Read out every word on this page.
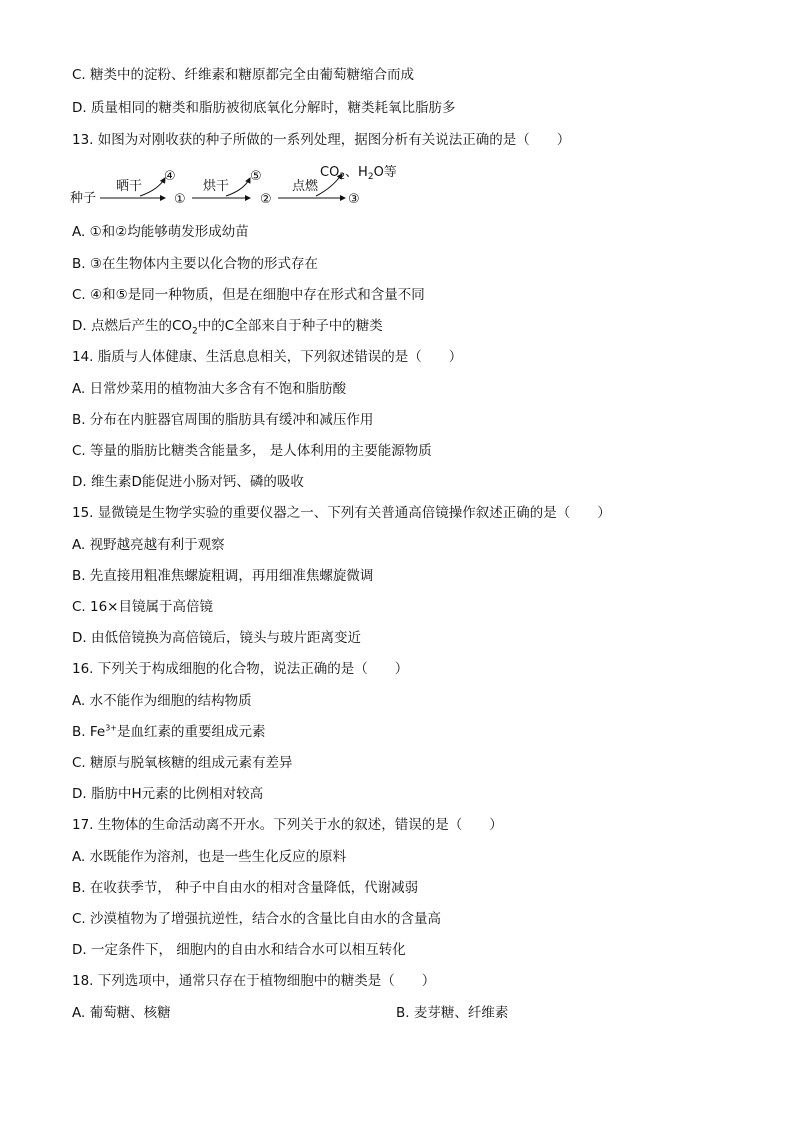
C. 糖类中的淀粉、纤维素和糖原都完全由葡萄糖缩合而成
D. 质量相同的糖类和脂肪被彻底氧化分解时，糖类耗氧比脂肪多
13. 如图为对刚收获的种子所做的一系列处理，据图分析有关说法正确的是（　　）
种子
晒干
④
①
烘干
⑤
②
点燃
$CO_2$、$H_2O$等
③
A. ①和②均能够萌发形成幼苗
B. ③在生物体内主要以化合物的形式存在
C. ④和⑤是同一种物质，但是在细胞中存在形式和含量不同
D. 点燃后产生的$CO_2$中的C全部来自于种子中的糖类
14. 脂质与人体健康、生活息息相关，下列叙述错误的是（　　）
A. 日常炒菜用的植物油大多含有不饱和脂肪酸
B. 分布在内脏器官周围的脂肪具有缓冲和减压作用
C. 等量的脂肪比糖类含能量多， 是人体利用的主要能源物质
D. 维生素D能促进小肠对钙、磷的吸收
15. 显微镜是生物学实验的重要仪器之一、下列有关普通高倍镜操作叙述正确的是（　　）
A. 视野越亮越有利于观察
B. 先直接用粗准焦螺旋粗调，再用细准焦螺旋微调
C. 16×目镜属于高倍镜
D. 由低倍镜换为高倍镜后，镜头与玻片距离变近
16. 下列关于构成细胞的化合物，说法正确的是（　　）
A. 水不能作为细胞的结构物质
B. $Fe^{3+}$是血红素的重要组成元素
C. 糖原与脱氧核糖的组成元素有差异
D. 脂肪中H元素的比例相对较高
17. 生物体的生命活动离不开水。下列关于水的叙述，错误的是（　　）
A. 水既能作为溶剂，也是一些生化反应的原料
B. 在收获季节， 种子中自由水的相对含量降低，代谢减弱
C. 沙漠植物为了增强抗逆性，结合水的含量比自由水的含量高
D. 一定条件下， 细胞内的自由水和结合水可以相互转化
18. 下列选项中，通常只存在于植物细胞中的糖类是（　　）
A. 葡萄糖、核糖	B. 麦芽糖、纤维素
